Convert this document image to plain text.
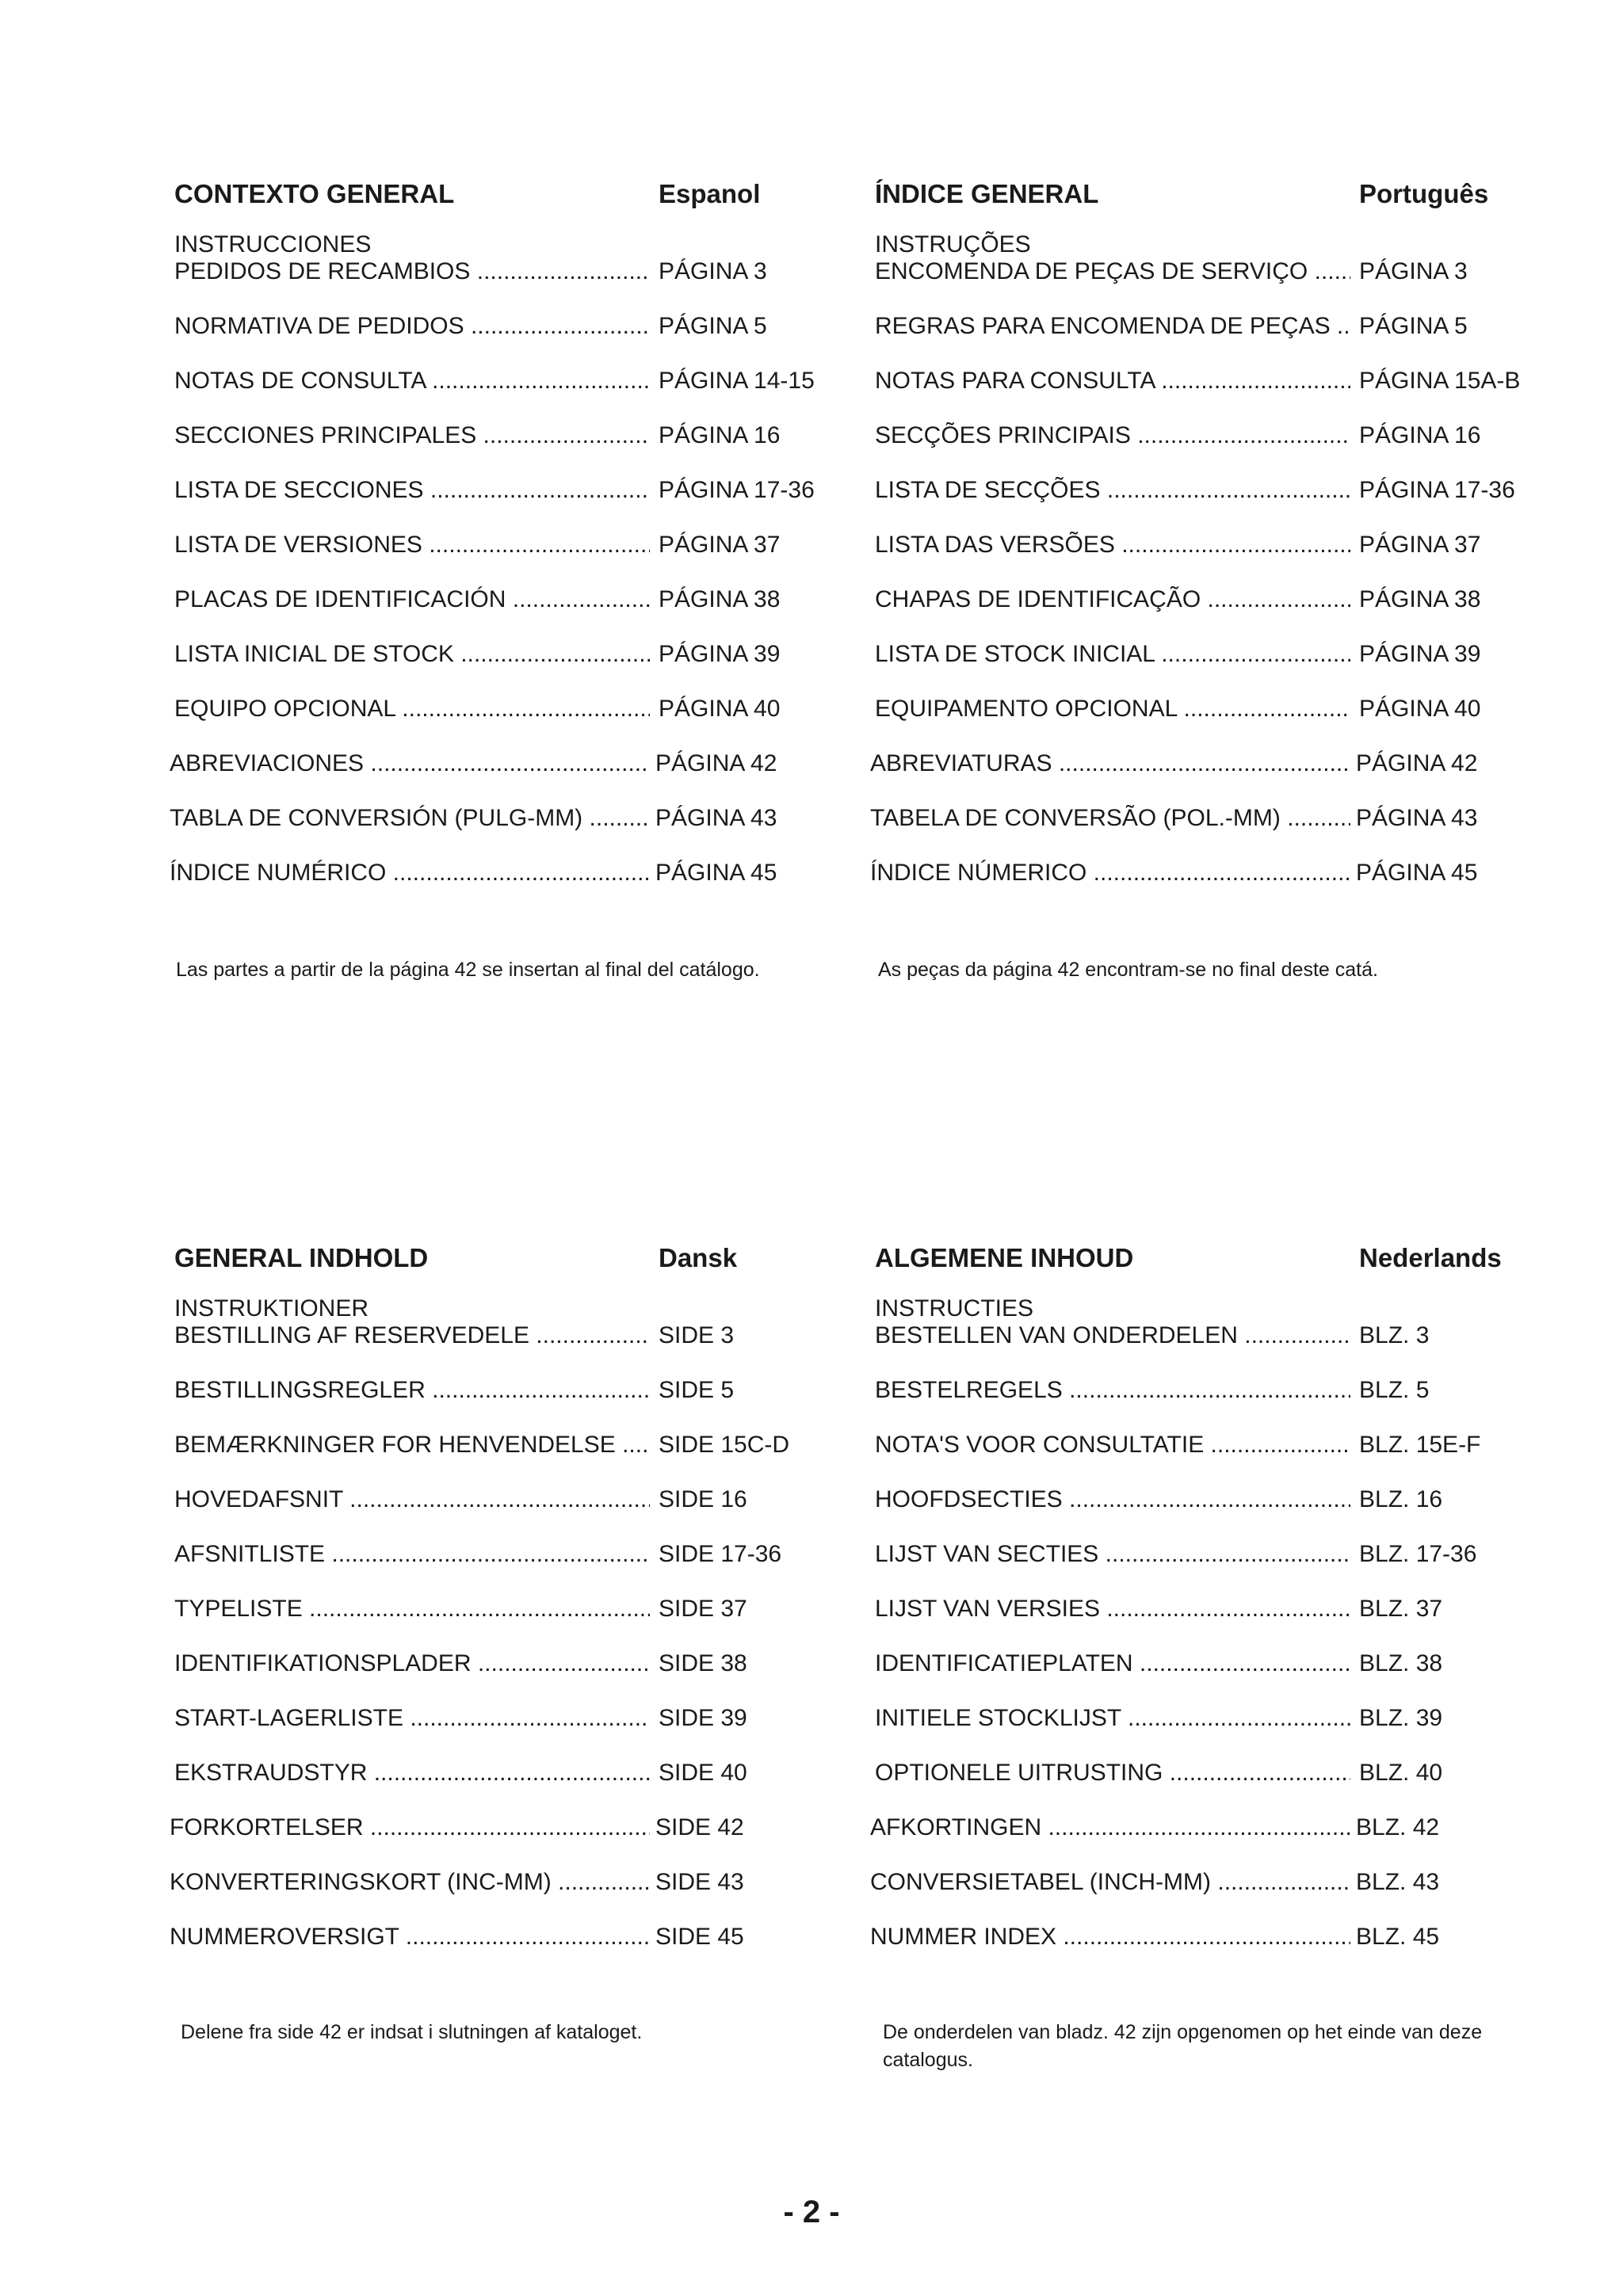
CONTEXTO GENERAL	Espanol
INSTRUCCIONES
PEDIDOS DE RECAMBIOS .....	PÁGINA 3
NORMATIVA DE PEDIDOS .....	PÁGINA 5
NOTAS DE CONSULTA .....	PÁGINA 14-15
SECCIONES PRINCIPALES .....	PÁGINA 16
LISTA DE SECCIONES .....	PÁGINA 17-36
LISTA DE VERSIONES .....	PÁGINA 37
PLACAS DE IDENTIFICACIÓN .....	PÁGINA 38
LISTA INICIAL DE STOCK .....	PÁGINA 39
EQUIPO OPCIONAL .....	PÁGINA 40
ABREVIACIONES .....	PÁGINA 42
TABLA DE CONVERSIÓN (PULG-MM) .....	PÁGINA 43
ÍNDICE NUMÉRICO .....	PÁGINA 45
ÍNDICE GENERAL	Português
INSTRUÇÕES
ENCOMENDA DE PEÇAS DE SERVIÇO .....	PÁGINA 3
REGRAS PARA ENCOMENDA DE PEÇAS .....	PÁGINA 5
NOTAS PARA CONSULTA .....	PÁGINA 15A-B
SECÇÕES PRINCIPAIS .....	PÁGINA 16
LISTA DE SECÇÕES .....	PÁGINA 17-36
LISTA DAS VERSÕES .....	PÁGINA 37
CHAPAS DE IDENTIFICAÇÃO .....	PÁGINA 38
LISTA DE STOCK INICIAL .....	PÁGINA 39
EQUIPAMENTO OPCIONAL .....	PÁGINA 40
ABREVIATURAS .....	PÁGINA 42
TABELA DE CONVERSÃO (POL.-MM) .....	PÁGINA 43
ÍNDICE NÚMERICO .....	PÁGINA 45
GENERAL INDHOLD	Dansk
INSTRUKTIONER
BESTILLING AF RESERVEDELE .....	SIDE 3
BESTILLINGSREGLER .....	SIDE 5
BEMÆRKNINGER FOR HENVENDELSE .....	SIDE 15C-D
HOVEDAFSNIT .....	SIDE 16
AFSNITLISTE .....	SIDE 17-36
TYPELISTE .....	SIDE 37
IDENTIFIKATIONSPLADER .....	SIDE 38
START-LAGERLISTE .....	SIDE 39
EKSTRAUDSTYR .....	SIDE 40
FORKORTELSER .....	SIDE 42
KONVERTERINGSKORT (INC-MM) .....	SIDE 43
NUMMEROVERSIGT .....	SIDE 45
ALGEMENE INHOUD	Nederlands
INSTRUCTIES
BESTELLEN VAN ONDERDELEN .....	BLZ. 3
BESTELREGELS .....	BLZ. 5
NOTA'S VOOR CONSULTATIE .....	BLZ. 15E-F
HOOFDSECTIES .....	BLZ. 16
LIJST VAN SECTIES .....	BLZ. 17-36
LIJST VAN VERSIES .....	BLZ. 37
IDENTIFICATIEPLATEN .....	BLZ. 38
INITIELE STOCKLIJST .....	BLZ. 39
OPTIONELE UITRUSTING .....	BLZ. 40
AFKORTINGEN .....	BLZ. 42
CONVERSIETABEL (INCH-MM) .....	BLZ. 43
NUMMER INDEX .....	BLZ. 45
Las partes a partir de la página 42 se insertan al final del catálogo.	As peças da página 42 encontram-se no final deste catá.
Delene fra side 42 er indsat i slutningen af kataloget.	De onderdelen van bladz. 42 zijn opgenomen op het einde van deze catalogus.
- 2 -
